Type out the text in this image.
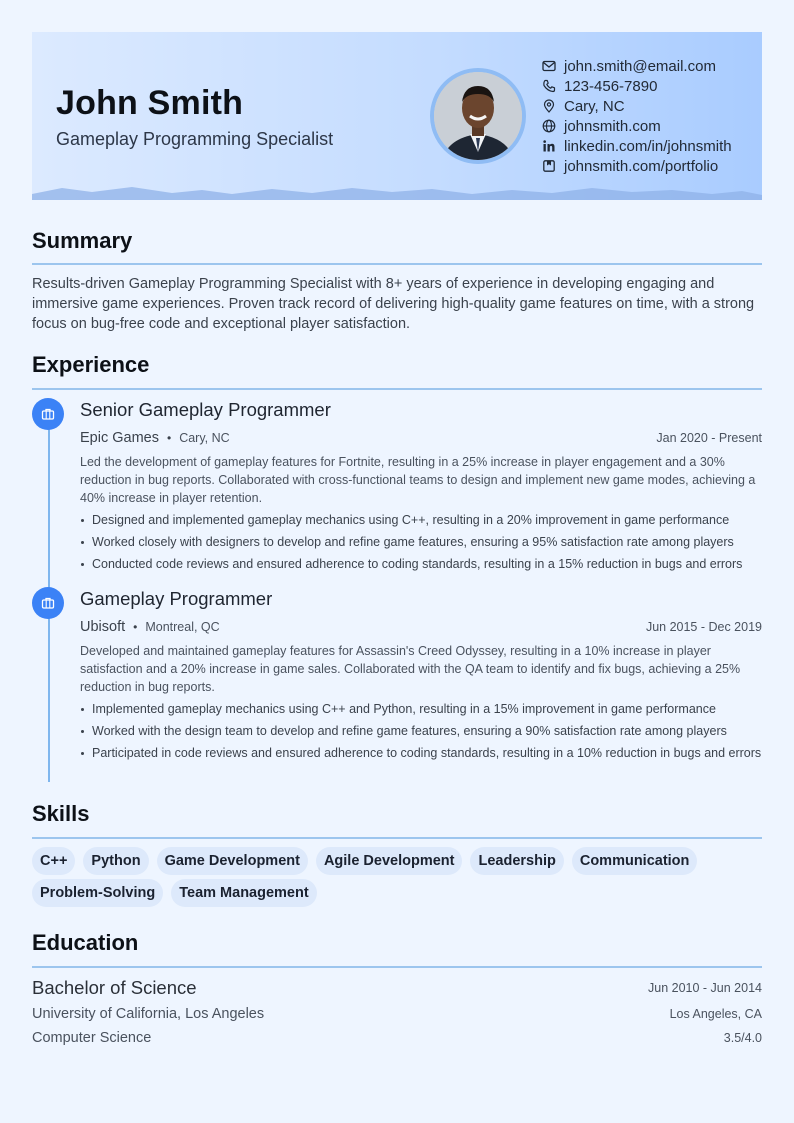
John Smith
Gameplay Programming Specialist
john.smith@email.com
123-456-7890
Cary, NC
johnsmith.com
linkedin.com/in/johnsmith
johnsmith.com/portfolio
Summary
Results-driven Gameplay Programming Specialist with 8+ years of experience in developing engaging and immersive game experiences. Proven track record of delivering high-quality game features on time, with a strong focus on bug-free code and exceptional player satisfaction.
Experience
Senior Gameplay Programmer
Epic Games • Cary, NC	Jan 2020 - Present
Led the development of gameplay features for Fortnite, resulting in a 25% increase in player engagement and a 30% reduction in bug reports. Collaborated with cross-functional teams to design and implement new game modes, achieving a 40% increase in player retention.
Designed and implemented gameplay mechanics using C++, resulting in a 20% improvement in game performance
Worked closely with designers to develop and refine game features, ensuring a 95% satisfaction rate among players
Conducted code reviews and ensured adherence to coding standards, resulting in a 15% reduction in bugs and errors
Gameplay Programmer
Ubisoft • Montreal, QC	Jun 2015 - Dec 2019
Developed and maintained gameplay features for Assassin's Creed Odyssey, resulting in a 10% increase in player satisfaction and a 20% increase in game sales. Collaborated with the QA team to identify and fix bugs, achieving a 25% reduction in bug reports.
Implemented gameplay mechanics using C++ and Python, resulting in a 15% improvement in game performance
Worked with the design team to develop and refine game features, ensuring a 90% satisfaction rate among players
Participated in code reviews and ensured adherence to coding standards, resulting in a 10% reduction in bugs and errors
Skills
C++	Python	Game Development	Agile Development	Leadership	Communication
Problem-Solving	Team Management
Education
Bachelor of Science	Jun 2010 - Jun 2014
University of California, Los Angeles	Los Angeles, CA
Computer Science	3.5/4.0
